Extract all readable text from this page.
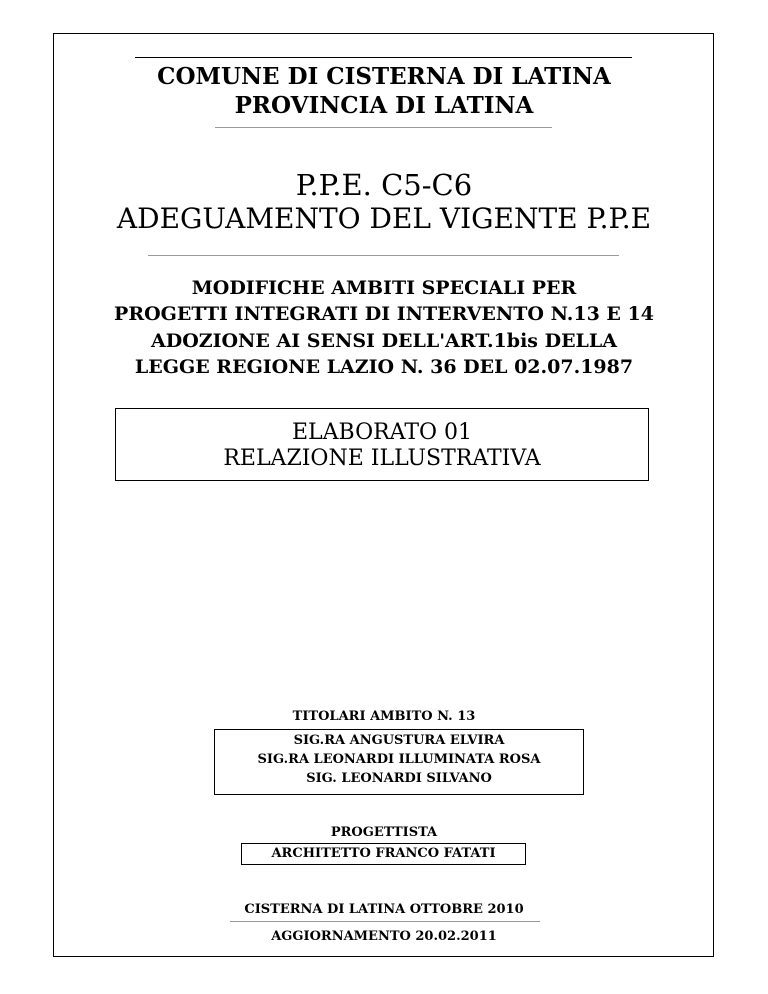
COMUNE DI CISTERNA DI LATINA
PROVINCIA DI LATINA
P.P.E. C5-C6
ADEGUAMENTO DEL VIGENTE P.P.E
MODIFICHE AMBITI SPECIALI PER
PROGETTI INTEGRATI DI INTERVENTO N.13 E 14
ADOZIONE AI SENSI DELL'ART.1bis DELLA
LEGGE REGIONE LAZIO N. 36 DEL 02.07.1987
ELABORATO 01
RELAZIONE ILLUSTRATIVA
TITOLARI AMBITO N. 13
SIG.RA ANGUSTURA ELVIRA
SIG.RA LEONARDI ILLUMINATA ROSA
SIG. LEONARDI SILVANO
PROGETTISTA
ARCHITETTO FRANCO FATATI
CISTERNA DI LATINA OTTOBRE 2010
AGGIORNAMENTO 20.02.2011
